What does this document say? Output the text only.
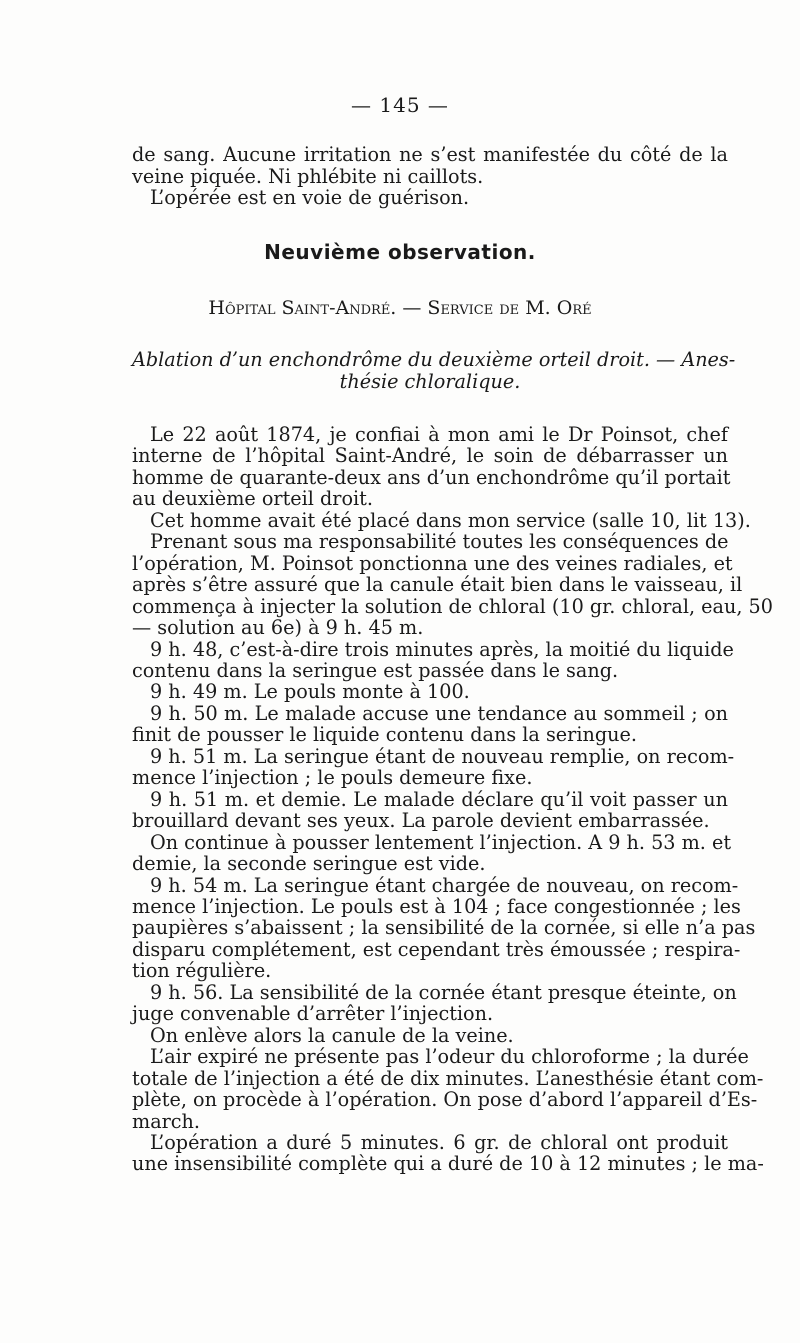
— 145 —
de sang. Aucune irritation ne s’est manifestée du côté de la
veine piquée. Ni phlébite ni caillots.
L’opérée est en voie de guérison.
Neuvième observation.
Hôpital Saint-André. — Service de M. Oré
Ablation d’un enchondrôme du deuxième orteil droit. — Anes-
thésie chloralique.
Le 22 août 1874, je confiai à mon ami le Dr Poinsot, chef
interne de l’hôpital Saint-André, le soin de débarrasser un
homme de quarante-deux ans d’un enchondrôme qu’il portait
au deuxième orteil droit.
Cet homme avait été placé dans mon service (salle 10, lit 13).
Prenant sous ma responsabilité toutes les conséquences de
l’opération, M. Poinsot ponctionna une des veines radiales, et
après s’être assuré que la canule était bien dans le vaisseau, il
commença à injecter la solution de chloral (10 gr. chloral, eau, 50
— solution au 6e) à 9 h. 45 m.
9 h. 48, c’est-à-dire trois minutes après, la moitié du liquide
contenu dans la seringue est passée dans le sang.
9 h. 49 m. Le pouls monte à 100.
9 h. 50 m. Le malade accuse une tendance au sommeil ; on
finit de pousser le liquide contenu dans la seringue.
9 h. 51 m. La seringue étant de nouveau remplie, on recom-
mence l’injection ; le pouls demeure fixe.
9 h. 51 m. et demie. Le malade déclare qu’il voit passer un
brouillard devant ses yeux. La parole devient embarrassée.
On continue à pousser lentement l’injection. A 9 h. 53 m. et
demie, la seconde seringue est vide.
9 h. 54 m. La seringue étant chargée de nouveau, on recom-
mence l’injection. Le pouls est à 104 ; face congestionnée ; les
paupières s’abaissent ; la sensibilité de la cornée, si elle n’a pas
disparu complétement, est cependant très émoussée ; respira-
tion régulière.
9 h. 56. La sensibilité de la cornée étant presque éteinte, on
juge convenable d’arrêter l’injection.
On enlève alors la canule de la veine.
L’air expiré ne présente pas l’odeur du chloroforme ; la durée
totale de l’injection a été de dix minutes. L’anesthésie étant com-
plète, on procède à l’opération. On pose d’abord l’appareil d’Es-
march.
L’opération a duré 5 minutes. 6 gr. de chloral ont produit
une insensibilité complète qui a duré de 10 à 12 minutes ; le ma-
